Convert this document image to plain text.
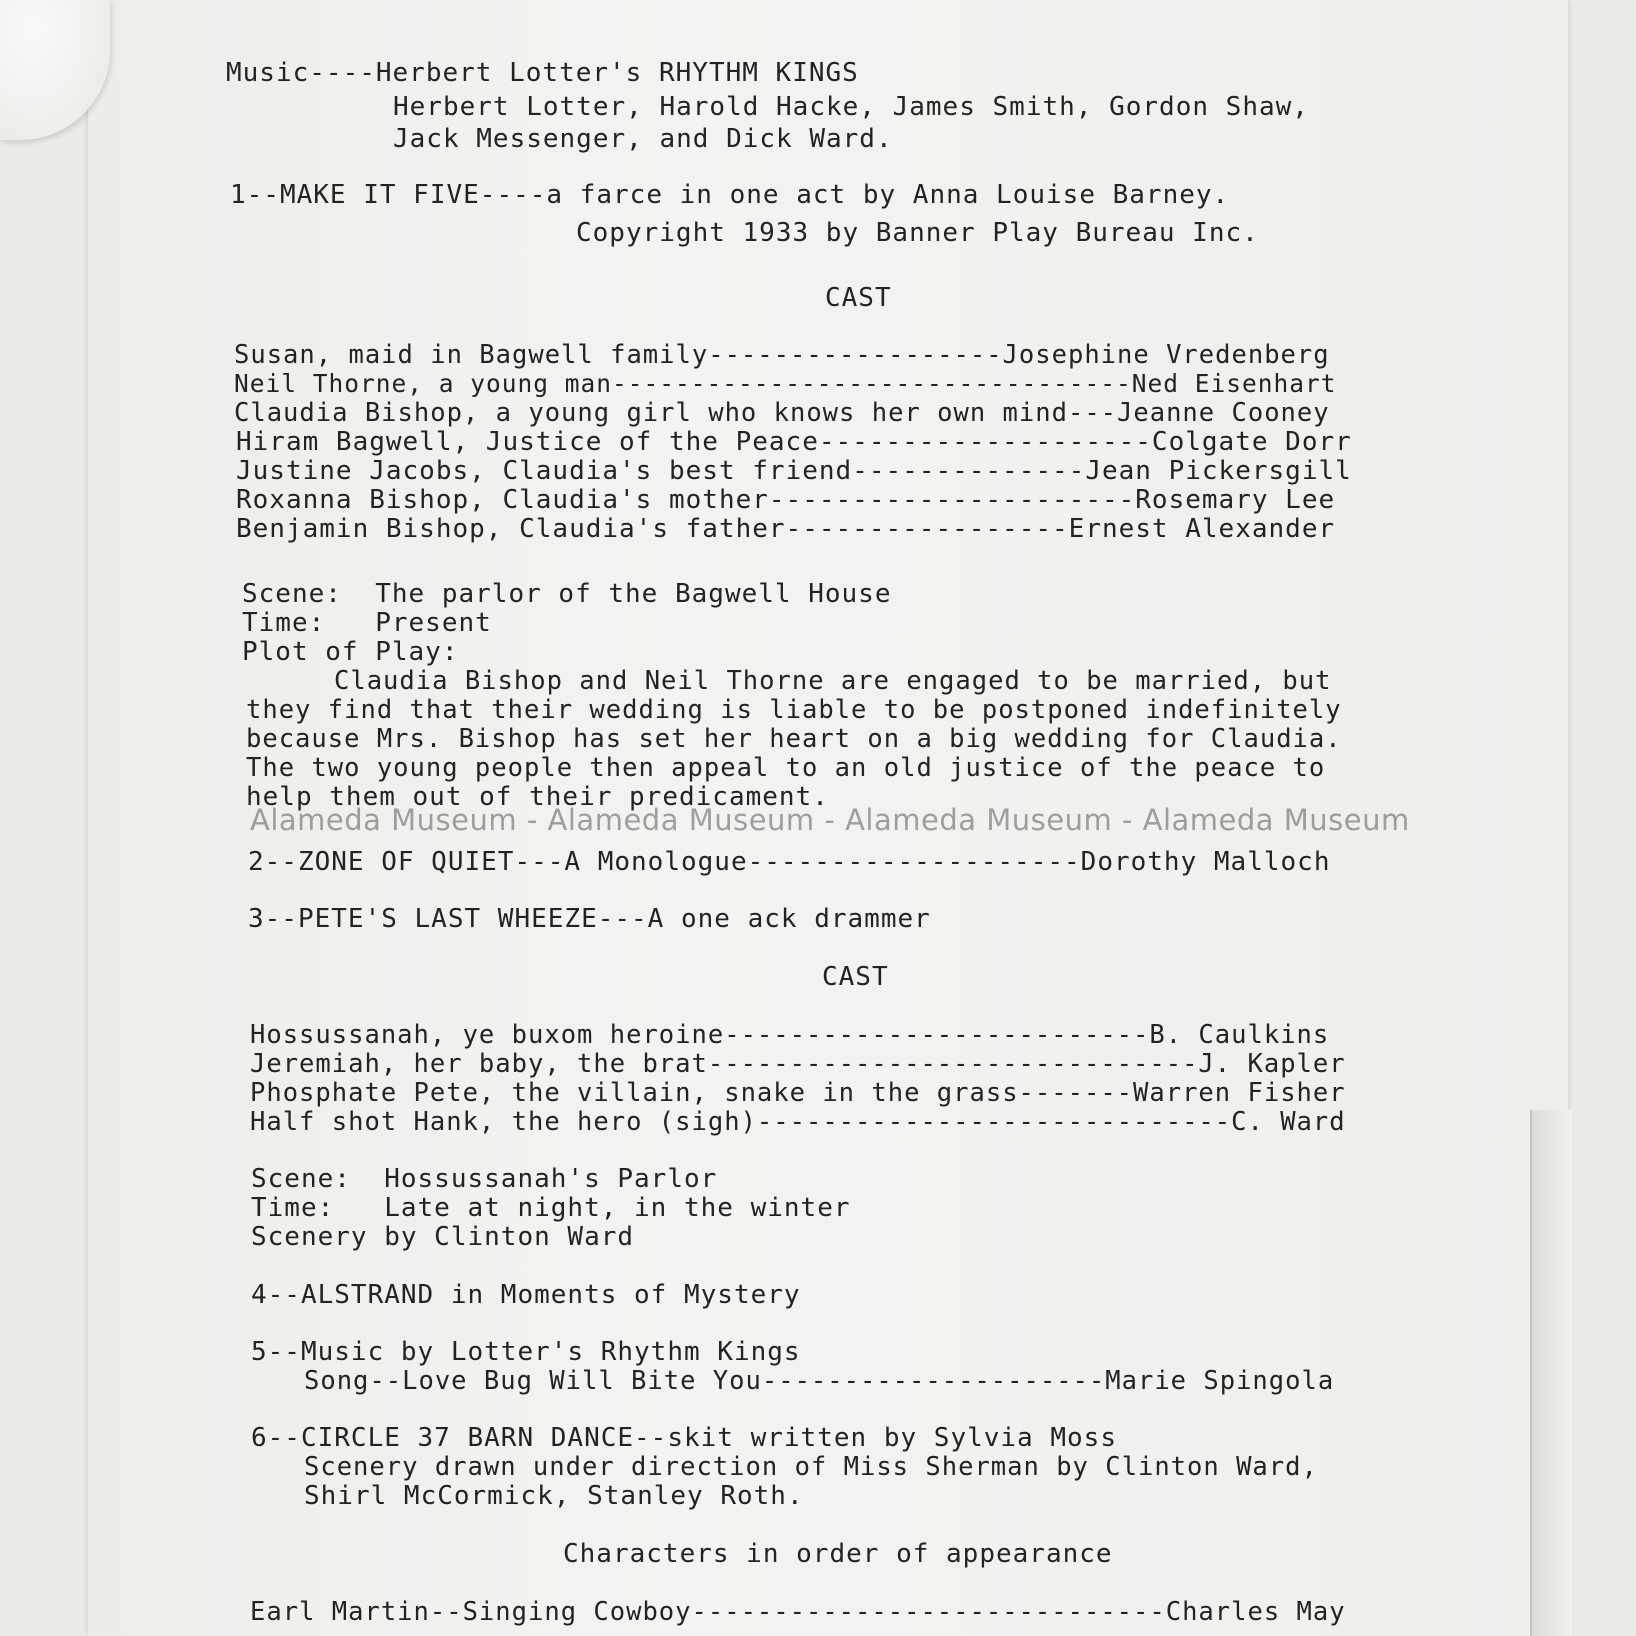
Music----Herbert Lotter's RHYTHM KINGS
Herbert Lotter, Harold Hacke, James Smith, Gordon Shaw,
Jack Messenger, and Dick Ward.
1--MAKE IT FIVE----a farce in one act by Anna Louise Barney.
Copyright 1933 by Banner Play Bureau Inc.
CAST
Susan, maid in Bagwell family------------------Josephine Vredenberg
Neil Thorne, a young man---------------------------------Ned Eisenhart
Claudia Bishop, a young girl who knows her own mind---Jeanne Cooney
Hiram Bagwell, Justice of the Peace--------------------Colgate Dorr
Justine Jacobs, Claudia's best friend--------------Jean Pickersgill
Roxanna Bishop, Claudia's mother----------------------Rosemary Lee
Benjamin Bishop, Claudia's father-----------------Ernest Alexander
Scene:  The parlor of the Bagwell House
Time:   Present
Plot of Play:
Claudia Bishop and Neil Thorne are engaged to be married, but
they find that their wedding is liable to be postponed indefinitely
because Mrs. Bishop has set her heart on a big wedding for Claudia.
The two young people then appeal to an old justice of the peace to
help them out of their predicament.
Alameda Museum - Alameda Museum - Alameda Museum - Alameda Museum
2--ZONE OF QUIET---A Monologue--------------------Dorothy Malloch
3--PETE'S LAST WHEEZE---A one ack drammer
CAST
Hossussanah, ye buxom heroine--------------------------B. Caulkins
Jeremiah, her baby, the brat------------------------------J. Kapler
Phosphate Pete, the villain, snake in the grass-------Warren Fisher
Half shot Hank, the hero (sigh)-----------------------------C. Ward
Scene:  Hossussanah's Parlor
Time:   Late at night, in the winter
Scenery by Clinton Ward
4--ALSTRAND in Moments of Mystery
5--Music by Lotter's Rhythm Kings
Song--Love Bug Will Bite You---------------------Marie Spingola
6--CIRCLE 37 BARN DANCE--skit written by Sylvia Moss
Scenery drawn under direction of Miss Sherman by Clinton Ward,
Shirl McCormick, Stanley Roth.
Characters in order of appearance
Earl Martin--Singing Cowboy-----------------------------Charles May
